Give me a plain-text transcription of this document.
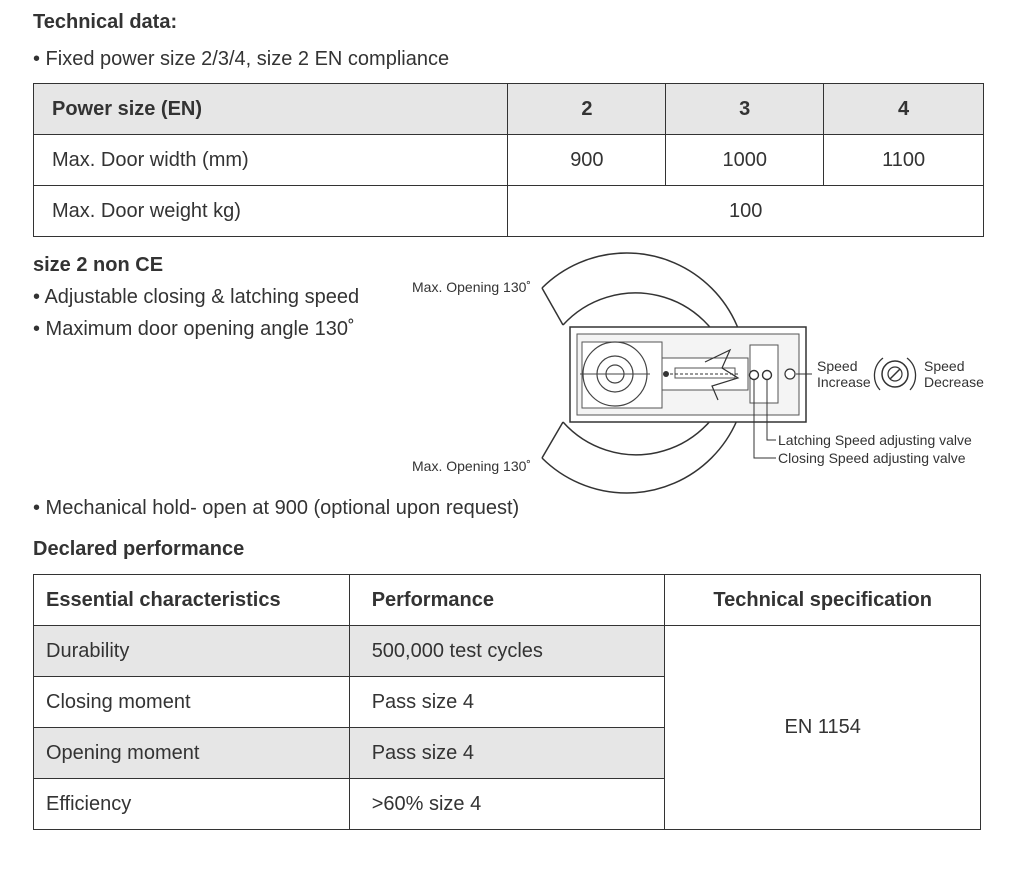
Technical data:
• Fixed power size 2/3/4, size 2 EN compliance
Power size (EN)	2	3	4
Max. Door width (mm)	900	1000	1100
Max. Door weight kg)	100		
size 2 non CE
• Adjustable closing & latching speed
• Maximum door opening angle 130˚
Max. Opening 130˚
Max. Opening 130˚
Speed
Increase
Speed
Decrease
Latching Speed adjusting valve
Closing Speed adjusting valve
• Mechanical hold- open at 900 (optional upon request)
Declared performance
Essential characteristics	Performance	Technical specification
Durability	500,000 test cycles	EN 1154
Closing moment	Pass size 4	
Opening moment	Pass size 4	
Efficiency	>60% size 4	
